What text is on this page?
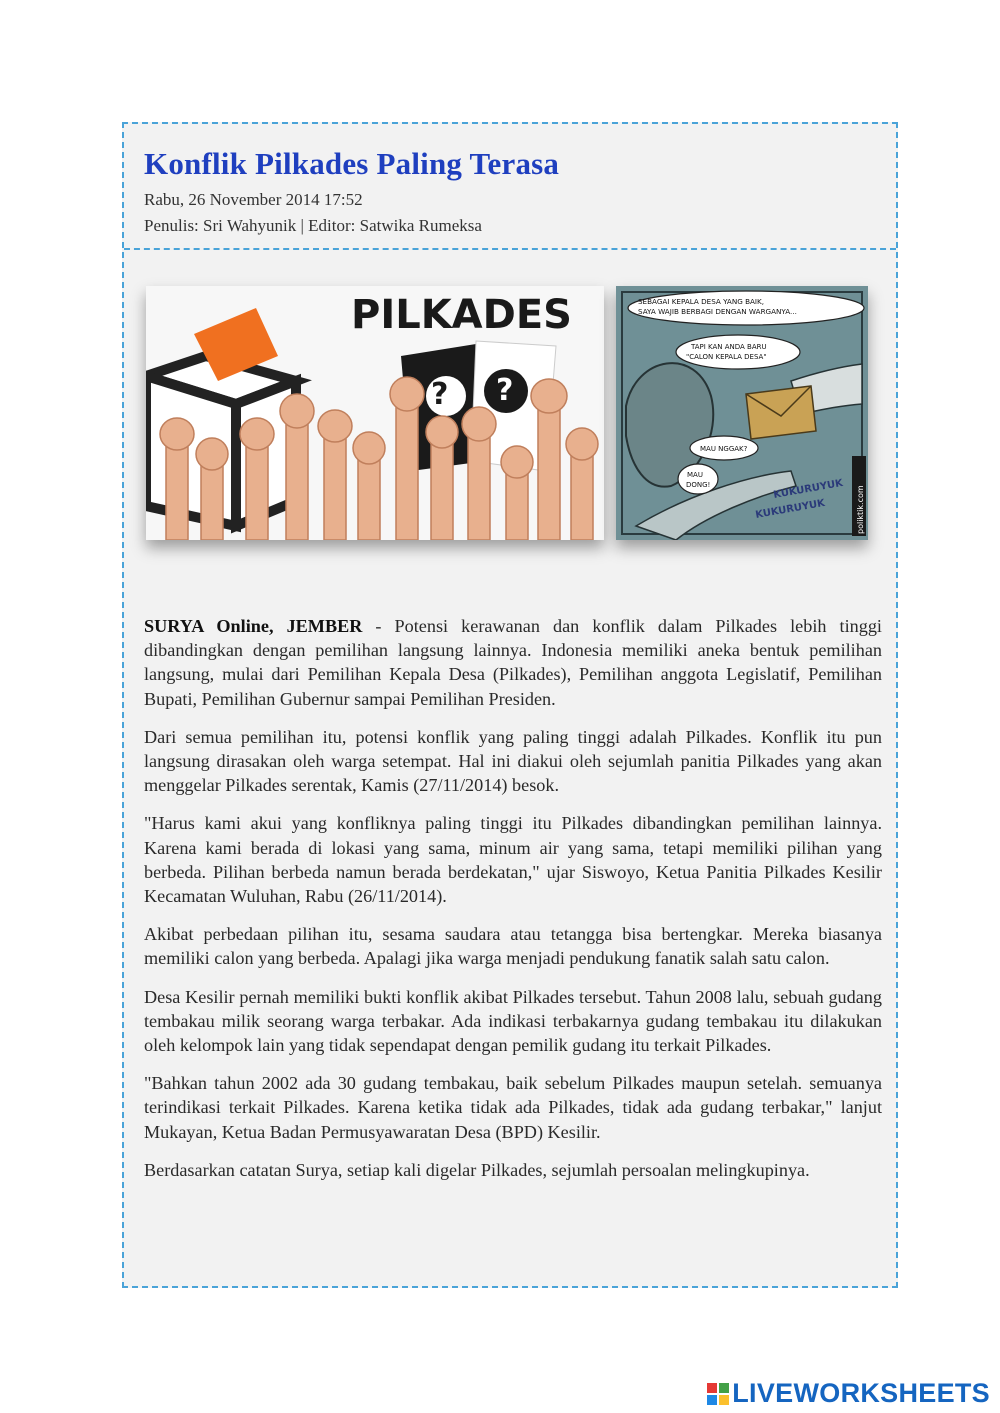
Konflik Pilkades Paling Terasa
Rabu, 26 November 2014 17:52
Penulis: Sri Wahyunik | Editor: Satwika Rumeksa
? ?
PILKADES	SEBAGAI KEPALA DESA YANG BAIK,
SAYA WAJIB BERBAGI DENGAN WARGANYA...
TAPI KAN ANDA BARU
"CALON KEPALA DESA"
MAU NGGAK?
MAU
DONG!	KUKURUYUK
KUKURUYUK	poliktik.com

SURYA Online, JEMBER - Potensi kerawanan dan konflik dalam Pilkades lebih tinggi dibandingkan dengan pemilihan langsung lainnya. Indonesia memiliki aneka bentuk pemilihan langsung, mulai dari Pemilihan Kepala Desa (Pilkades), Pemilihan anggota Legislatif, Pemilihan Bupati, Pemilihan Gubernur sampai Pemilihan Presiden.

Dari semua pemilihan itu, potensi konflik yang paling tinggi adalah Pilkades. Konflik itu pun langsung dirasakan oleh warga setempat. Hal ini diakui oleh sejumlah panitia Pilkades yang akan menggelar Pilkades serentak, Kamis (27/11/2014) besok.

"Harus kami akui yang konfliknya paling tinggi itu Pilkades dibandingkan pemilihan lainnya. Karena kami berada di lokasi yang sama, minum air yang sama, tetapi memiliki pilihan yang berbeda. Pilihan berbeda namun berada berdekatan," ujar Siswoyo, Ketua Panitia Pilkades Kesilir Kecamatan Wuluhan, Rabu (26/11/2014).

Akibat perbedaan pilihan itu, sesama saudara atau tetangga bisa bertengkar. Mereka biasanya memiliki calon yang berbeda. Apalagi jika warga menjadi pendukung fanatik salah satu calon.

Desa Kesilir pernah memiliki bukti konflik akibat Pilkades tersebut. Tahun 2008 lalu, sebuah gudang tembakau milik seorang warga terbakar. Ada indikasi terbakarnya gudang tembakau itu dilakukan oleh kelompok lain yang tidak sependapat dengan pemilik gudang itu terkait Pilkades.

"Bahkan tahun 2002 ada 30 gudang tembakau, baik sebelum Pilkades maupun setelah. semuanya terindikasi terkait Pilkades. Karena ketika tidak ada Pilkades, tidak ada gudang terbakar," lanjut Mukayan, Ketua Badan Permusyawaratan Desa (BPD) Kesilir.

Berdasarkan catatan Surya, setiap kali digelar Pilkades, sejumlah persoalan melingkupinya.

LIVEWORKSHEETS
